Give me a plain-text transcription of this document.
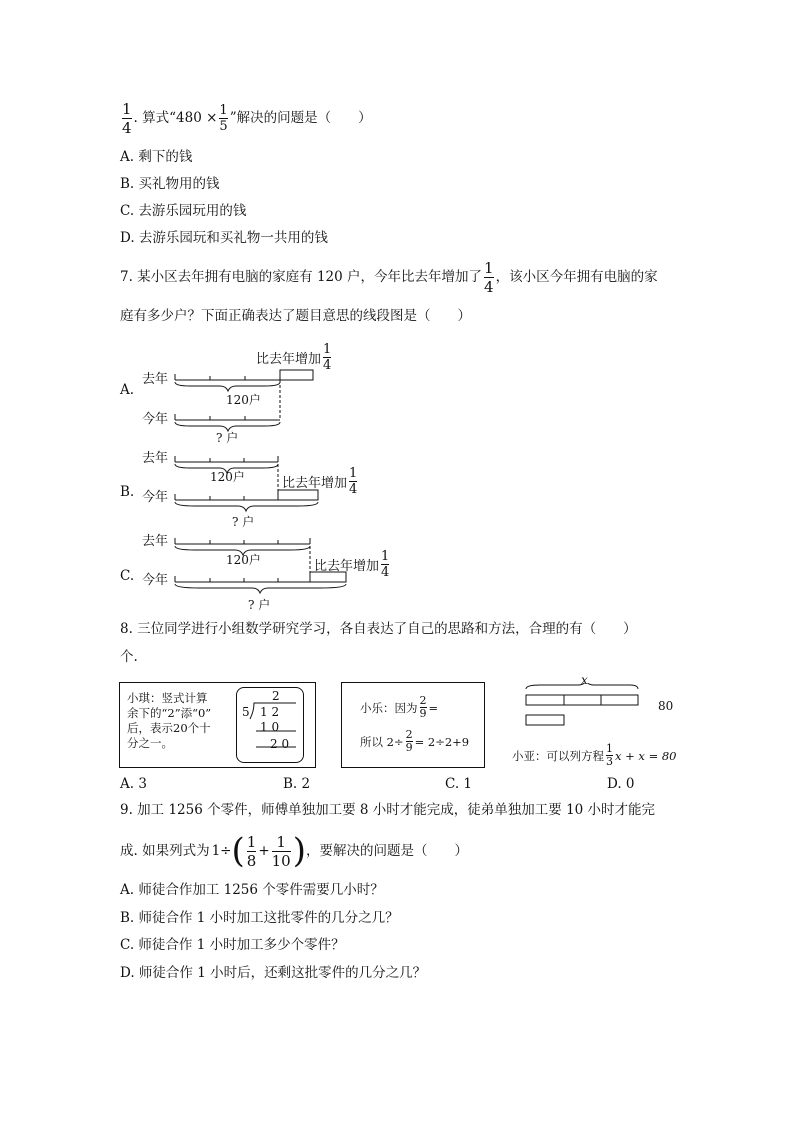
$\frac{1}{4}$ . 算式“$480 \times \frac{1}{5}$ ”解决的问题是（　　）
A. 剩下的钱
B. 买礼物用的钱
C. 去游乐园玩用的钱
D. 去游乐园玩和买礼物一共用的钱
7. 某小区去年拥有电脑的家庭有 120 户，今年比去年增加了 $\frac{1}{4}$ ，该小区今年拥有电脑的家
庭有多少户？下面正确表达了题目意思的线段图是（　　）
A.
比去年增加 $\frac{1}{4}$
去年
今年
120户
? 户
B.
去年
今年
120户
? 户
比去年增加 $\frac{1}{4}$
C.
去年
今年
120户
? 户
比去年增加 $\frac{1}{4}$
8. 三位同学进行小组数学研究学习，各自表达了自己的思路和方法，合理的有（　　）
个.
小琪：竖式计算
余下的“2”添“0”
后，表示20个十
分之一。
2
5 1 2
1 0
2 0
小乐：因为 $\frac{2}{9}$ =
所以 $2\div \frac{2}{9} = 2\div 2+9$
x
80
小亚：可以列方程 $\frac{1}{3}$ x + x = 80
A. 3	B. 2	C. 1	D. 0
9. 加工 1256 个零件，师傅单独加工要 8 小时才能完成，徒弟单独加工要 10 小时才能完
成. 如果列式为 1÷ ( $\frac{1}{8} + \frac{1}{10}$ ) ，要解决的问题是（　　）
A. 师徒合作加工 1256 个零件需要几小时？
B. 师徒合作 1 小时加工这批零件的几分之几？
C. 师徒合作 1 小时加工多少个零件？
D. 师徒合作 1 小时后，还剩这批零件的几分之几？
